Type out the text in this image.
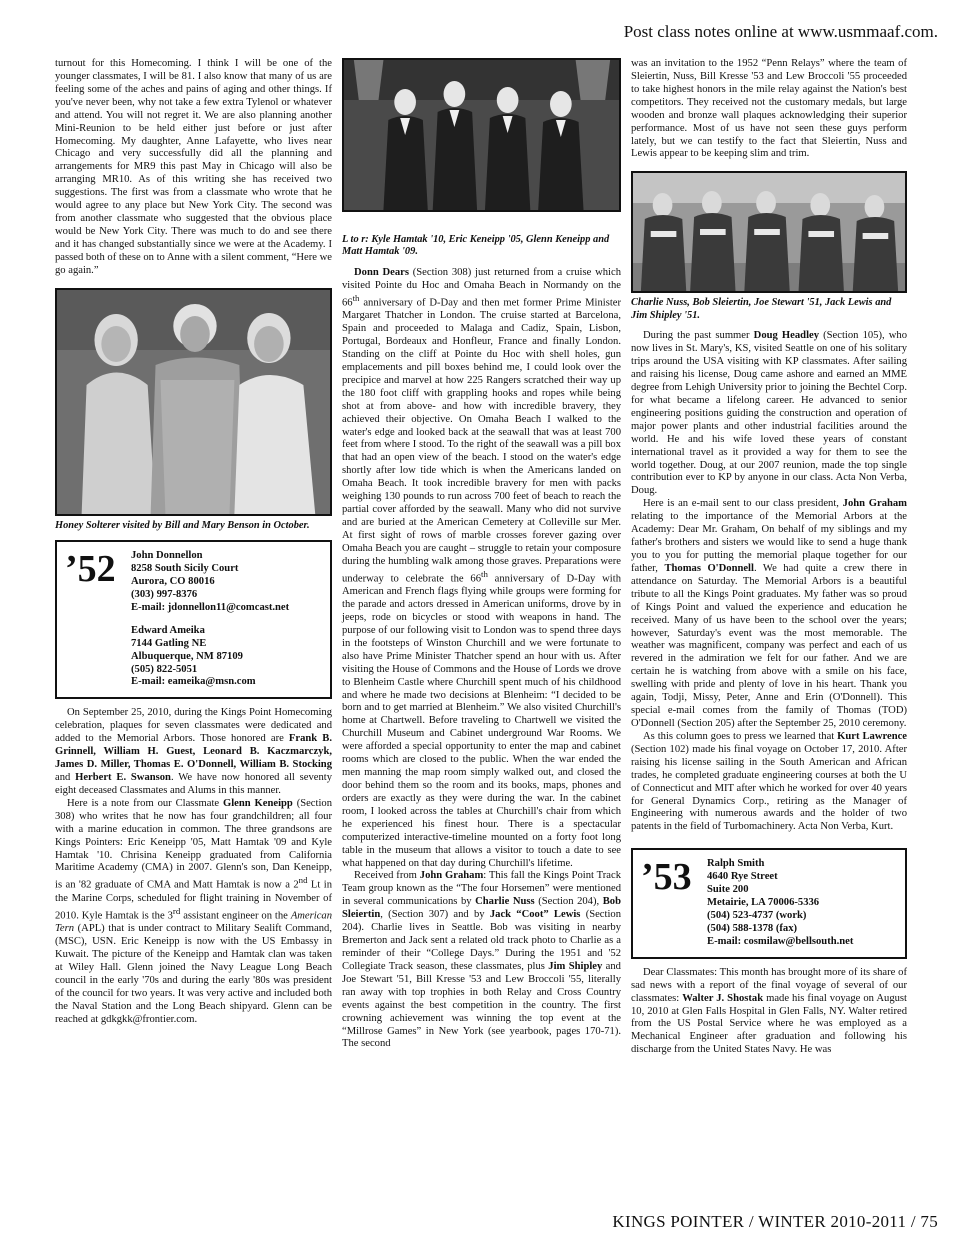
Post class notes online at www.usmmaaf.com.

turnout for this Homecoming. I think I will be one of the younger classmates, I will be 81. I also know that many of us are feeling some of the aches and pains of aging and other things. If you've never been, why not take a few extra Tylenol or whatever and attend. You will not regret it. We are also planning another Mini-Reunion to be held either just before or just after Homecoming. My daughter, Anne Lafayette, who lives near Chicago and very successfully did all the planning and arrangements for MR9 this past May in Chicago will also be arranging MR10. As of this writing she has received two suggestions. The first was from a classmate who wrote that he would agree to any place but New York City. The second was from another classmate who suggested that the obvious place would be New York City. There was much to do and see there and it has changed substantially since we were at the Academy. I passed both of these on to Anne with a silent comment, “Here we go again.”

Honey Solterer visited by Bill and Mary Benson in October.
’52	John Donnellon
8258 South Sicily Court
Aurora, CO 80016
(303) 997-8376
E-mail: jdonnellon11@comcast.net
Edward Ameika
7144 Gatling NE
Albuquerque, NM 87109
(505) 822-5051
E-mail: eameika@msn.com

On September 25, 2010, during the Kings Point Homecoming celebration, plaques for seven classmates were dedicated and added to the Memorial Arbors. Those honored are Frank B. Grinnell, William H. Guest, Leonard B. Kaczmarczyk, James D. Miller, Thomas E. O'Donnell, William B. Stocking and Herbert E. Swanson. We have now honored all seventy eight deceased Classmates and Alums in this manner.

Here is a note from our Classmate Glenn Keneipp (Section 308) who writes that he now has four grandchildren; all four with a marine education in common. The three grandsons are Kings Pointers: Eric Keneipp '05, Matt Hamtak '09 and Kyle Hamtak '10. Chrisina Keneipp graduated from California Maritime Academy (CMA) in 2007. Glenn's son, Dan Keneipp, is an '82 graduate of CMA and Matt Hamtak is now a 2nd Lt in the Marine Corps, scheduled for flight training in November of 2010. Kyle Hamtak is the 3rd assistant engineer on the American Tern (APL) that is under contract to Military Sealift Command, (MSC), USN. Eric Keneipp is now with the US Embassy in Kuwait. The picture of the Keneipp and Hamtak clan was taken at Wiley Hall. Glenn joined the Navy League Long Beach council in the early '70s and during the early '80s was president of the council for two years. It was very active and included both the Naval Station and the Long Beach shipyard. Glenn can be reached at gdkgkk@frontier.com.

L to r: Kyle Hamtak '10, Eric Keneipp '05, Glenn Keneipp and Matt Hamtak '09.

Donn Dears (Section 308) just returned from a cruise which visited Pointe du Hoc and Omaha Beach in Normandy on the 66th anniversary of D-Day and then met former Prime Minister Margaret Thatcher in London. The cruise started at Barcelona, Spain and proceeded to Malaga and Cadiz, Spain, Lisbon, Portugal, Bordeaux and Honfleur, France and finally London. Standing on the cliff at Pointe du Hoc with shell holes, gun emplacements and pill boxes behind me, I could look over the precipice and marvel at how 225 Rangers scratched their way up the 180 foot cliff with grappling hooks and ropes while being shot at from above- and how with incredible bravery, they achieved their objective. On Omaha Beach I walked to the water's edge and looked back at the seawall that was at least 700 feet from where I stood. To the right of the seawall was a pill box that had an open view of the beach. I stood on the water's edge shortly after low tide which is when the Americans landed on Omaha Beach. It took incredible bravery for men with packs weighing 130 pounds to run across 700 feet of beach to reach the partial cover afforded by the seawall. Many who did not survive and are buried at the American Cemetery at Colleville sur Mer. At first sight of rows of marble crosses forever gazing over Omaha Beach you are caught – struggle to retain your composure during the humbling walk among those graves. Preparations were underway to celebrate the 66th anniversary of D-Day with American and French flags flying while groups were forming for the parade and actors dressed in American uniforms, drove by in jeeps, rode on bicycles or stood with weapons in hand. The purpose of our following visit to London was to spend three days in the footsteps of Winston Churchill and we were fortunate to also have Prime Minister Thatcher spend an hour with us. After visiting the House of Commons and the House of Lords we drove to Blenheim Castle where Churchill spent much of his childhood and where he made two decisions at Blenheim: “I decided to be born and to get married at Blenheim.” We also visited Churchill's home at Chartwell. Before traveling to Chartwell we visited the Churchill Museum and Cabinet underground War Rooms. We were afforded a special opportunity to enter the map and cabinet rooms which are closed to the public. When the war ended the men manning the map room simply walked out, and closed the door behind them so the room and its books, maps, phones and orders are exactly as they were during the war. In the cabinet room, I looked across the tables at Churchill's chair from which he experienced his finest hour. There is a spectacular computerized interactive-timeline mounted on a forty foot long table in the museum that allows a visitor to touch a date to see what happened on that day during Churchill's lifetime.

Received from John Graham: This fall the Kings Point Track Team group known as the “The four Horsemen” were mentioned in several communications by Charlie Nuss (Section 204), Bob Sleiertin, (Section 307) and by Jack “Coot” Lewis (Section 204). Charlie lives in Seattle. Bob was visiting in nearby Bremerton and Jack sent a related old track photo to Charlie as a reminder of their “College Days.” During the 1951 and '52 Collegiate Track season, these classmates, plus Jim Shipley and Joe Stewart '51, Bill Kresse '53 and Lew Broccoli '55, literally ran away with top trophies in both Relay and Cross Country events against the best competition in the country. The first crowning achievement was winning the top event at the “Millrose Games” in New York (see yearbook, pages 170-71). The second

was an invitation to the 1952 “Penn Relays” where the team of Sleiertin, Nuss, Bill Kresse '53 and Lew Broccoli '55 proceeded to take highest honors in the mile relay against the Nation's best competitors. They received not the customary medals, but large wooden and bronze wall plaques acknowledging their superior performance. Most of us have not seen these guys perform lately, but we can testify to the fact that Sleiertin, Nuss and Lewis appear to be keeping slim and trim.

Charlie Nuss, Bob Sleiertin, Joe Stewart '51, Jack Lewis and Jim Shipley '51.

During the past summer Doug Headley (Section 105), who now lives in St. Mary's, KS, visited Seattle on one of his solitary trips around the USA visiting with KP classmates. After sailing and raising his license, Doug came ashore and earned an MME degree from Lehigh University prior to joining the Bechtel Corp. for what became a lifelong career. He advanced to senior engineering positions guiding the construction and operation of major power plants and other industrial facilities around the world. He and his wife loved these years of constant international travel as it provided a way for them to see the world together. Doug, at our 2007 reunion, made the top single contribution ever to KP by anyone in our class. Acta Non Verba, Doug.

Here is an e-mail sent to our class president, John Graham relating to the importance of the Memorial Arbors at the Academy: Dear Mr. Graham, On behalf of my siblings and my father's brothers and sisters we would like to send a huge thank you to you for putting the memorial plaque together for our father, Thomas O'Donnell. We had quite a crew there in attendance on Saturday. The Memorial Arbors is a beautiful tribute to all the Kings Point graduates. My father was so proud of Kings Point and valued the experience and education he received. Many of us have been to the school over the years; however, Saturday's event was the most memorable. The weather was magnificent, company was perfect and each of us revered in the admiration we felt for our father. And we are certain he is watching from above with a smile on his face, swelling with pride and plenty of love in his heart. Thank you again, Todji, Missy, Peter, Anne and Erin (O'Donnell). This special e-mail comes from the family of Thomas (TOD) O'Donnell (Section 205) after the September 25, 2010 ceremony.

As this column goes to press we learned that Kurt Lawrence (Section 102) made his final voyage on October 17, 2010. After raising his license sailing in the South American and African trades, he completed graduate engineering courses at both the U of Connecticut and MIT after which he worked for over 40 years for General Dynamics Corp., retiring as the Manager of Engineering with numerous awards and the holder of two patents in the field of Turbomachinery. Acta Non Verba, Kurt.

’53	Ralph Smith
4640 Rye Street
Suite 200
Metairie, LA 70006-5336
(504) 523-4737 (work)
(504) 588-1378 (fax)
E-mail: cosmilaw@bellsouth.net

Dear Classmates: This month has brought more of its share of sad news with a report of the final voyage of several of our classmates: Walter J. Shostak made his final voyage on August 10, 2010 at Glen Falls Hospital in Glen Falls, NY. Walter retired from the US Postal Service where he was employed as a Mechanical Engineer after graduation and following his discharge from the United States Navy. He was

KINGS POINTER / WINTER 2010-2011 / 75
